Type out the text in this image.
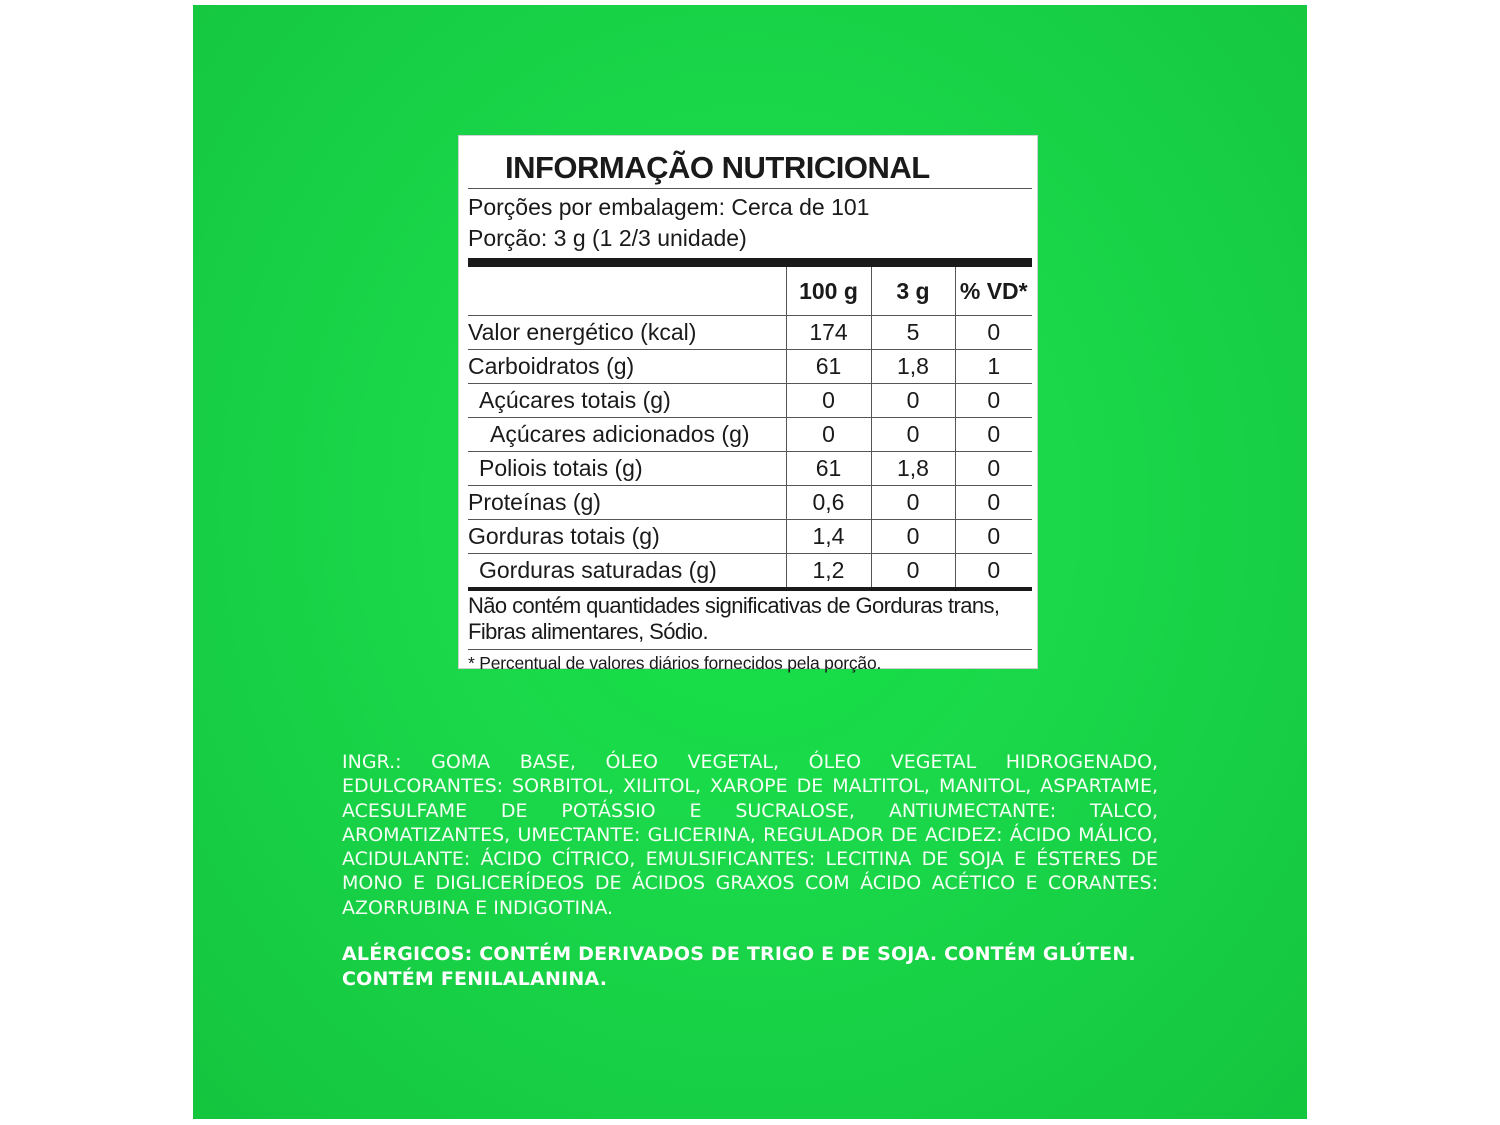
INFORMAÇÃO NUTRICIONAL
Porções por embalagem: Cerca de 101
Porção: 3 g (1 2/3 unidade)
	100 g	3 g	% VD*
Valor energético (kcal)	174	5	0
Carboidratos (g)	61	1,8	1
Açúcares totais (g)	0	0	0
Açúcares adicionados (g)	0	0	0
Poliois totais (g)	61	1,8	0
Proteínas (g)	0,6	0	0
Gorduras totais (g)	1,4	0	0
Gorduras saturadas (g)	1,2	0	0
Não contém quantidades significativas de Gorduras trans, Fibras alimentares, Sódio.
* Percentual de valores diários fornecidos pela porção.
INGR.: GOMA BASE, ÓLEO VEGETAL, ÓLEO VEGETAL HIDROGENADO, EDULCORANTES: SORBITOL, XILITOL, XAROPE DE MALTITOL, MANITOL, ASPARTAME, ACESULFAME DE POTÁSSIO E SUCRALOSE, ANTIUMECTANTE: TALCO, AROMATIZANTES, UMECTANTE: GLICERINA, REGULADOR DE ACIDEZ: ÁCIDO MÁLICO, ACIDULANTE: ÁCIDO CÍTRICO, EMULSIFICANTES: LECITINA DE SOJA E ÉSTERES DE MONO E DIGLICERÍDEOS DE ÁCIDOS GRAXOS COM ÁCIDO ACÉTICO E CORANTES: AZORRUBINA E INDIGOTINA.
ALÉRGICOS: CONTÉM DERIVADOS DE TRIGO E DE SOJA. CONTÉM GLÚTEN. CONTÉM FENILALANINA.
